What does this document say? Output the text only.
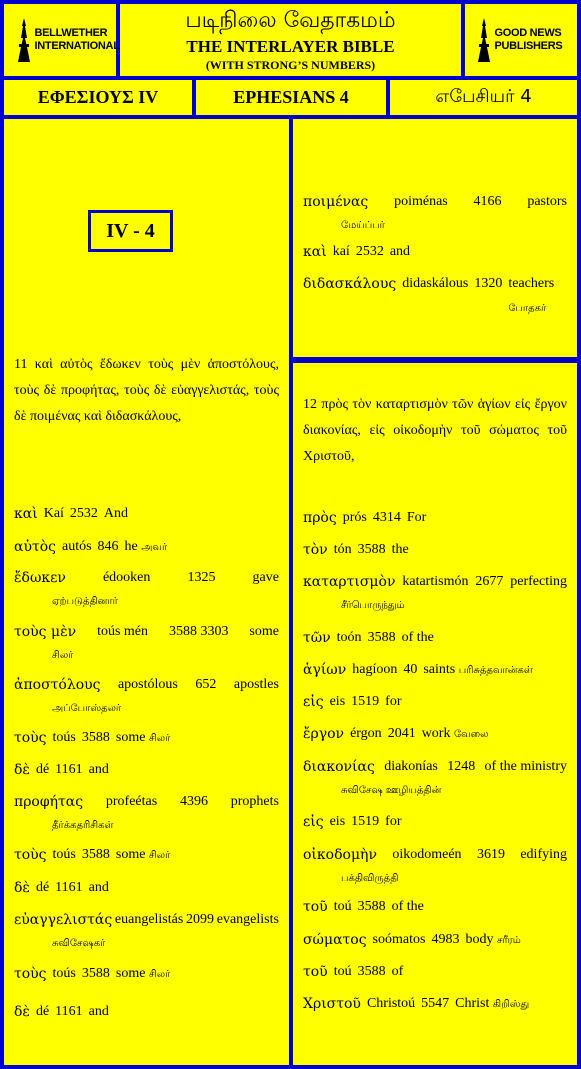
BELLWETHER INTERNATIONAL
படிநிலை வேதாகமம்
THE INTERLAYER BIBLE
(WITH STRONG’S NUMBERS)
GOOD NEWS PUBLISHERS
ΕΦΕΣΙΟΥΣ IV	EPHESIANS 4	எபேசியர் 4
IV - 4
11 καὶ αὐτὸς ἔδωκεν τοὺς μὲν ἀποστόλους, τοὺς δὲ προφήτας, τοὺς δὲ εὐαγγελιστάς, τοὺς δὲ ποιμένας καὶ διδασκάλους,
12 πρὸς τὸν καταρτισμὸν τῶν ἁγίων εἰς ἔργον διακονίας, εἰς οἰκοδομὴν τοῦ σώματος τοῦ Χριστοῦ,
ποιμένας poiménas 4166 pastors
மேய்ப்பர்
καὶ kaí 2532 and
διδασκάλους didaskálous 1320 teachers போதகர்
καὶ Kaí 2532 And
αὐτὸς autós 846 he அவர்
ἔδωκεν	édooken	1325	gave
ஏற்படுத்தினார்
τοὺς μὲν toús mén 3588 3303 some
சிலர்
ἀποστόλους apostólous 652 apostles
அப்போஸ்தலர்
τοὺς toús 3588 some சிலர்
δὲ dé 1161 and
προφήτας profeétas 4396 prophets
தீர்க்கதரிசிகள்
τοὺς toús 3588 some சிலர்
δὲ dé 1161 and
εὐαγγελιστάς euangelistás 2099 evangelists
சுவிசேஷகர்
τοὺς toús 3588 some சிலர்
δὲ dé 1161 and
πρὸς prós 4314 For
τὸν tón 3588 the
καταρτισμὸν katartismón 2677 perfecting
சீர்பொருந்தும்
τῶν toón 3588 of the
ἁγίων hagíoon 40 saints பரிசுத்தவான்கள்
εἰς eis 1519 for
ἔργον érgon 2041 work வேலை
διακονίας diakonías 1248 of the ministry
சுவிசேஷ ஊழியத்தின்
εἰς eis 1519 for
οἰκοδομὴν oikodomeén 3619 edifying
பக்திவிருத்தி
τοῦ toú 3588 of the
σώματος soómatos 4983 body சரீரம்
τοῦ toú 3588 of
Χριστοῦ Christoú 5547 Christ கிறிஸ்து
